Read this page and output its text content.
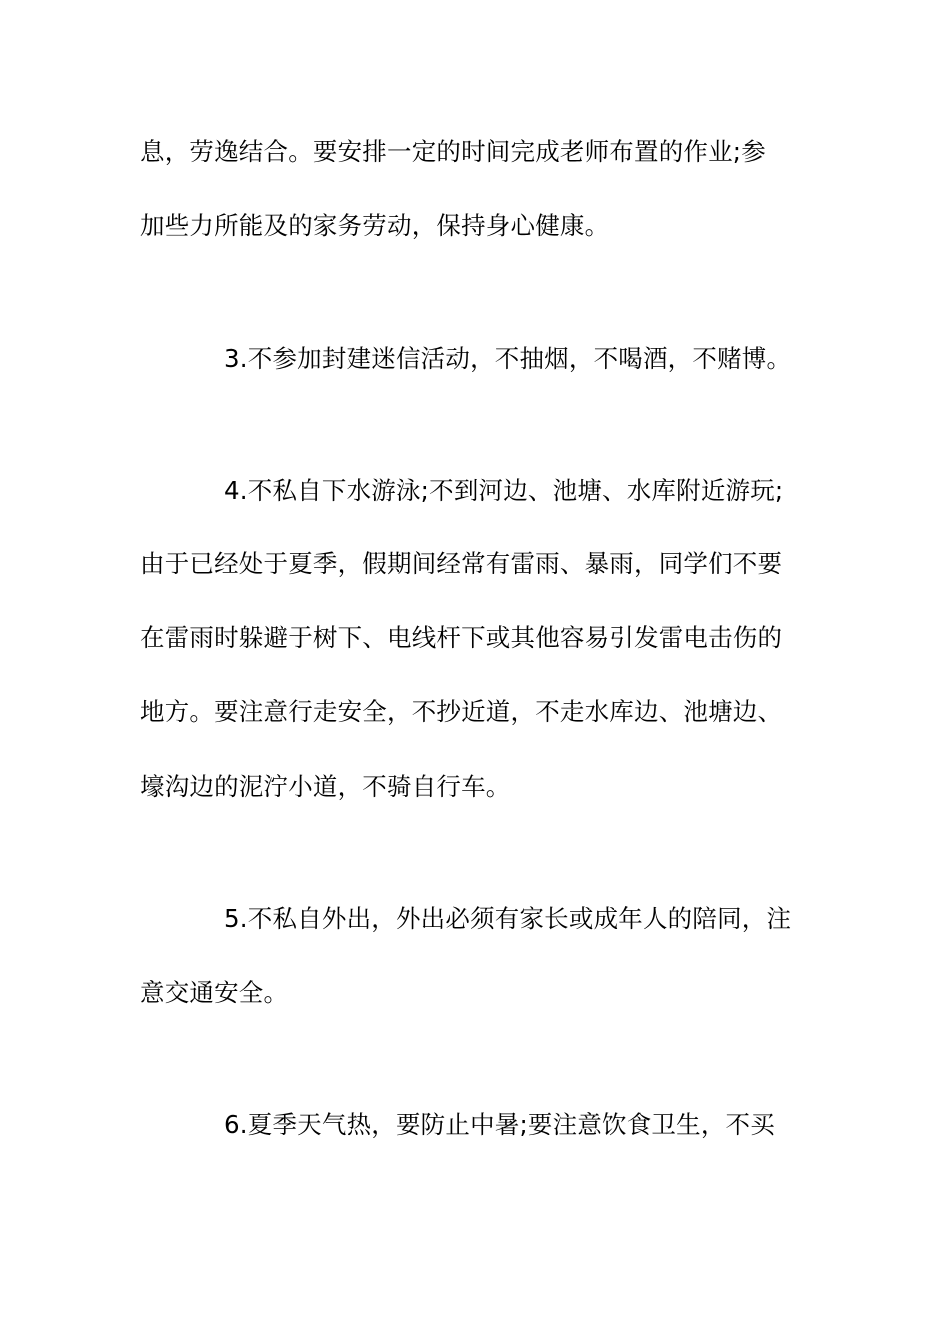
息，劳逸结合。要安排一定的时间完成老师布置的作业;参
加些力所能及的家务劳动，保持身心健康。
3.不参加封建迷信活动，不抽烟，不喝酒，不赌博。
4.不私自下水游泳;不到河边、池塘、水库附近游玩;
由于已经处于夏季，假期间经常有雷雨、暴雨，同学们不要
在雷雨时躲避于树下、电线杆下或其他容易引发雷电击伤的
地方。要注意行走安全，不抄近道，不走水库边、池塘边、
壕沟边的泥泞小道，不骑自行车。
5.不私自外出，外出必须有家长或成年人的陪同，注
意交通安全。
6.夏季天气热，要防止中暑;要注意饮食卫生，不买
